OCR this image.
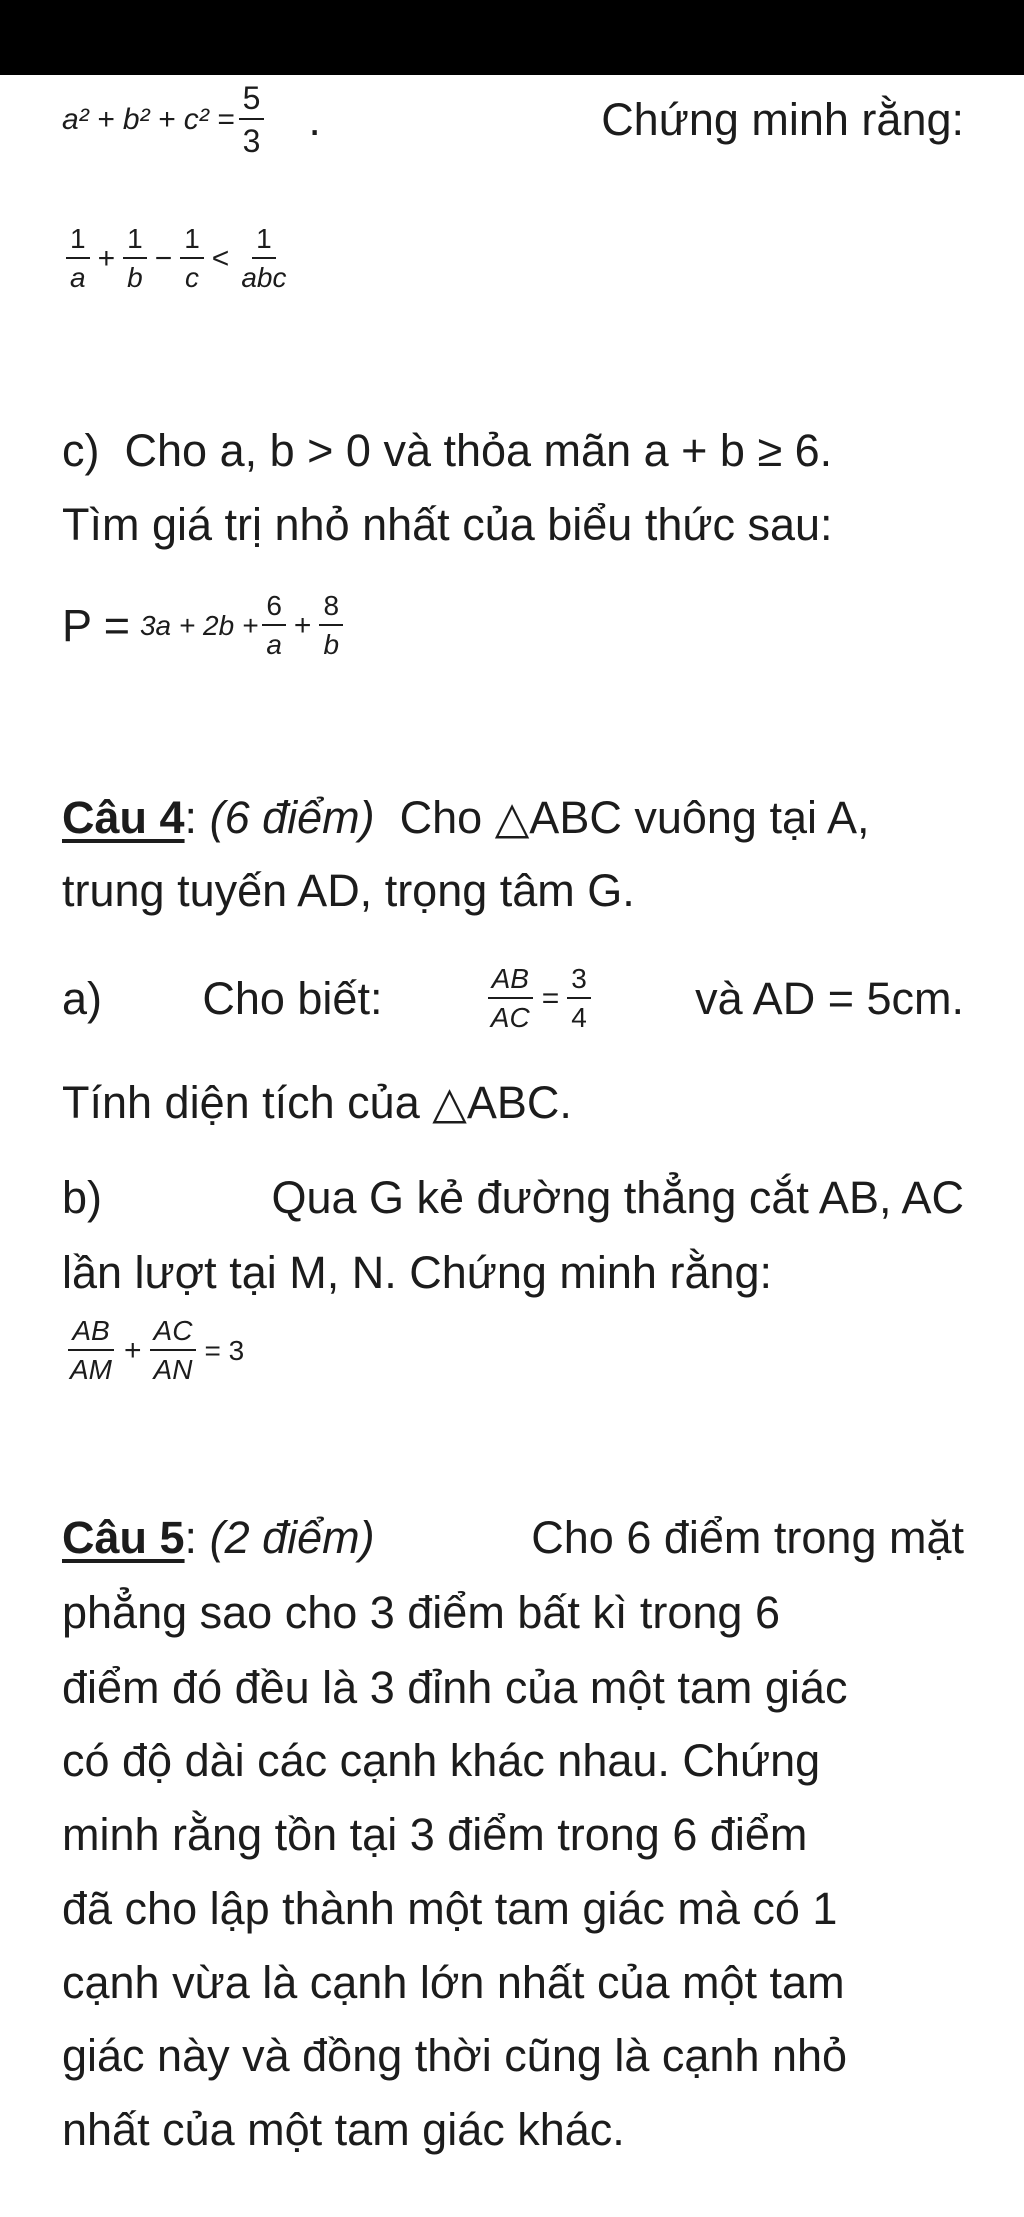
$a^2 + b^2 + c^2 = \frac{5}{3}$ .	Chứng minh rằng:
$\frac{1}{a} + \frac{1}{b} - \frac{1}{c} < \frac{1}{\text{abc}}$
c) Cho a, b > 0 và thỏa mãn a + b ≥ 6.
Tìm giá trị nhỏ nhất của biểu thức sau:
$P = 3a + 2b + \frac{6}{a} + \frac{8}{b}$
Câu 4: (6 điểm) Cho △ABC vuông tại A,
trung tuyến AD, trọng tâm G.
a) Cho biết:	$\frac{AB}{AC} = \frac{3}{4}$ và AD = 5cm.
Tính diện tích của △ABC.
b)	Qua G kẻ đường thẳng cắt AB, AC
lần lượt tại M, N. Chứng minh rằng:
$\frac{AB}{AM} + \frac{AC}{AN} = 3$
Câu 5: (2 điểm)	Cho 6 điểm trong mặt
phẳng sao cho 3 điểm bất kì trong 6
điểm đó đều là 3 đỉnh của một tam giác
có độ dài các cạnh khác nhau. Chứng
minh rằng tồn tại 3 điểm trong 6 điểm
đã cho lập thành một tam giác mà có 1
cạnh vừa là cạnh lớn nhất của một tam
giác này và đồng thời cũng là cạnh nhỏ
nhất của một tam giác khác.
